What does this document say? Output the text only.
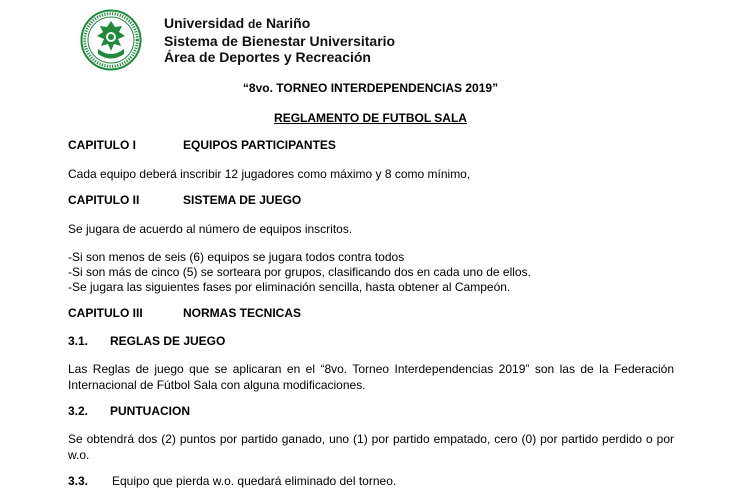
Universidad de Nariño
Sistema de Bienestar Universitario
Área de Deportes y Recreación
“8vo. TORNEO INTERDEPENDENCIAS 2019”
REGLAMENTO DE FUTBOL SALA
CAPITULO I	EQUIPOS PARTICIPANTES
Cada equipo deberá inscribir 12 jugadores como máximo y 8 como mínimo,
CAPITULO II	SISTEMA DE JUEGO
Se jugara de acuerdo al número de equipos inscritos.
-Si son menos de seis (6) equipos se jugara todos contra todos
-Si son más de cinco (5) se sorteara por grupos, clasificando dos en cada uno de ellos.
-Se jugara las siguientes fases por eliminación sencilla, hasta obtener al Campeón.
CAPITULO III	NORMAS TECNICAS
3.1. REGLAS DE JUEGO
Las Reglas de juego que se aplicaran en el “8vo. Torneo Interdependencias 2019” son las de la Federación Internacional de Fútbol Sala con alguna modificaciones.
3.2. PUNTUACION
Se obtendrá dos (2) puntos por partido ganado, uno (1) por partido empatado, cero (0) por partido perdido o por w.o.
3.3. Equipo que pierda w.o. quedará eliminado del torneo.
